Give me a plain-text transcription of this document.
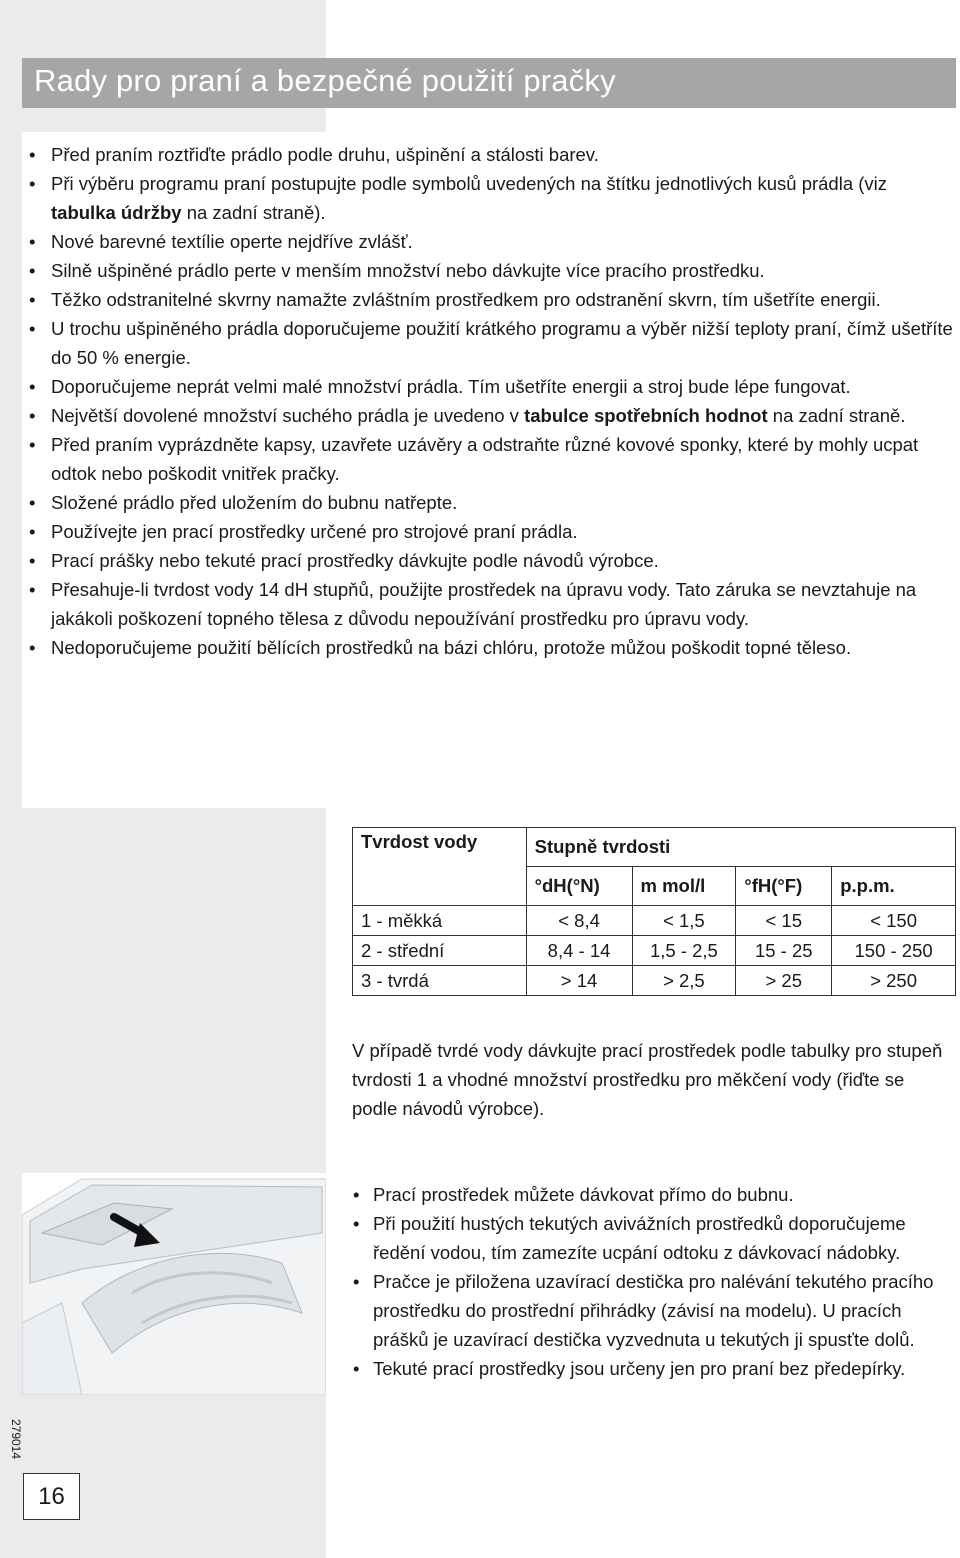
Rady pro praní a bezpečné použití pračky
• Před praním roztřiďte prádlo podle druhu, ušpinění a stálosti barev.
• Při výběru programu praní postupujte podle symbolů uvedených na štítku jednotlivých kusů prádla (viz tabulka údržby na zadní straně).
• Nové barevné textílie operte nejdříve zvlášť.
• Silně ušpiněné prádlo perte v menším množství nebo dávkujte více pracího prostředku.
• Těžko odstranitelné skvrny namažte zvláštním prostředkem pro odstranění skvrn, tím ušetříte energii.
• U trochu ušpiněného prádla doporučujeme použití krátkého programu a výběr nižší teploty praní, čímž ušetříte do 50 % energie.
• Doporučujeme neprát velmi malé množství prádla. Tím ušetříte energii a stroj bude lépe fungovat.
• Největší dovolené množství suchého prádla je uvedeno v tabulce spotřebních hodnot na zadní straně.
• Před praním vyprázdněte kapsy, uzavřete uzávěry a odstraňte různé kovové sponky, které by mohly ucpat odtok nebo poškodit vnitřek pračky.
• Složené prádlo před uložením do bubnu natřepte.
• Používejte jen prací prostředky určené pro strojové praní prádla.
• Prací prášky nebo tekuté prací prostředky dávkujte podle návodů výrobce.
• Přesahuje-li tvrdost vody 14 dH stupňů, použijte prostředek na úpravu vody. Tato záruka se nevztahuje na jakákoli poškození topného tělesa z důvodu nepoužívání prostředku pro úpravu vody.
• Nedoporučujeme použití bělících prostředků na bázi chlóru, protože můžou poškodit topné těleso.
Tvrdost vody	Stupně tvrdosti			
	°dH(°N)	m mol/l	°fH(°F)	p.p.m.
1 - měkká	< 8,4	< 1,5	< 15	< 150
2 - střední	8,4 - 14	1,5 - 2,5	15 - 25	150 - 250
3 - tvrdá	> 14	> 2,5	> 25	> 250

V případě tvrdé vody dávkujte prací prostředek podle tabulky pro stupeň tvrdosti 1 a vhodné množství prostředku pro měkčení vody (řiďte se podle návodů výrobce).

• Prací prostředek můžete dávkovat přímo do bubnu.
• Při použití hustých tekutých avivážních prostředků doporučujeme ředění vodou, tím zamezíte ucpání odtoku z dávkovací nádobky.
• Pračce je přiložena uzavírací destička pro nalévání tekutého pracího prostředku do prostřední přihrádky (závisí na modelu). U pracích prášků je uzavírací destička vyzvednuta u tekutých ji spusťte dolů.
• Tekuté prací prostředky jsou určeny jen pro praní bez předepírky.
279014
16
